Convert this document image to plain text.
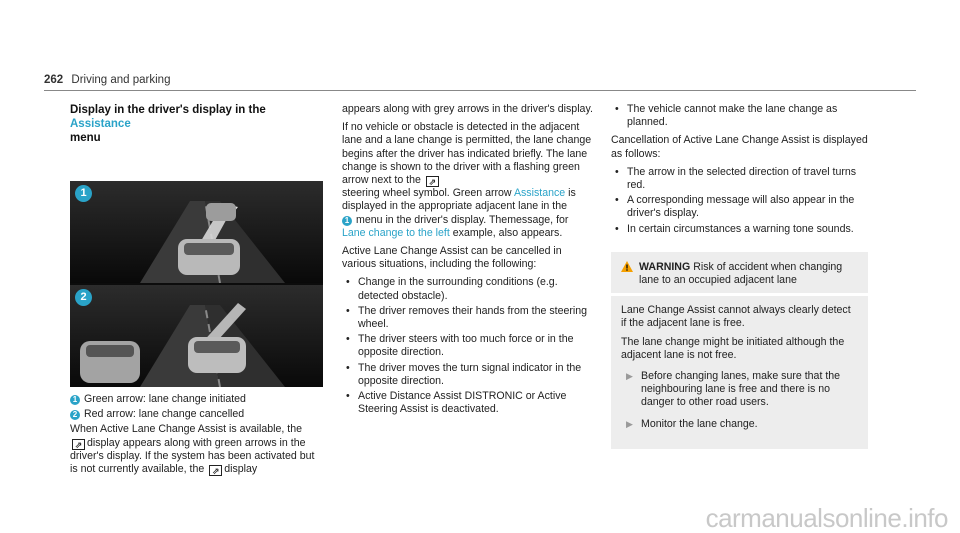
262 Driving and parking
Display in the driver's display in the Assistance
menu
1
2
1 Green arrow: lane change initiated
2 Red arrow: lane change cancelled

When Active Lane Change Assist is available, the
⇗ display appears along with green arrows in the driver's display. If the system has been activated but is not currently available, the ⇗ display

appears along with grey arrows in the driver's display.

If no vehicle or obstacle is detected in the adjacent lane and a lane change is permitted, the lane change begins after the driver has indicated briefly. The lane change is shown to the driver with a flashing green arrow next to the ⇗
steering wheel symbol. Green arrow Assistance is displayed in the appropriate adjacent lane in the
1 menu in the driver's display. Themessage, for
Lane change to the left example, also appears.

Active Lane Change Assist can be cancelled in various situations, including the following:

• Change in the surrounding conditions (e.g. detected obstacle).
• The driver removes their hands from the steering wheel.
• The driver steers with too much force or in the opposite direction.
• The driver moves the turn signal indicator in the opposite direction.
• Active Distance Assist DISTRONIC or Active Steering Assist is deactivated.
• The vehicle cannot make the lane change as planned.

Cancellation of Active Lane Change Assist is displayed as follows:

• The arrow in the selected direction of travel turns red.
• A corresponding message will also appear in the driver's display.
• In certain circumstances a warning tone sounds.
WARNING Risk of accident when changing lane to an occupied adjacent lane

Lane Change Assist cannot always clearly detect if the adjacent lane is free.

The lane change might be initiated although the adjacent lane is not free.

▶ Before changing lanes, make sure that the neighbouring lane is free and there is no danger to other road users.
▶ Monitor the lane change.
carmanualsonline.info
